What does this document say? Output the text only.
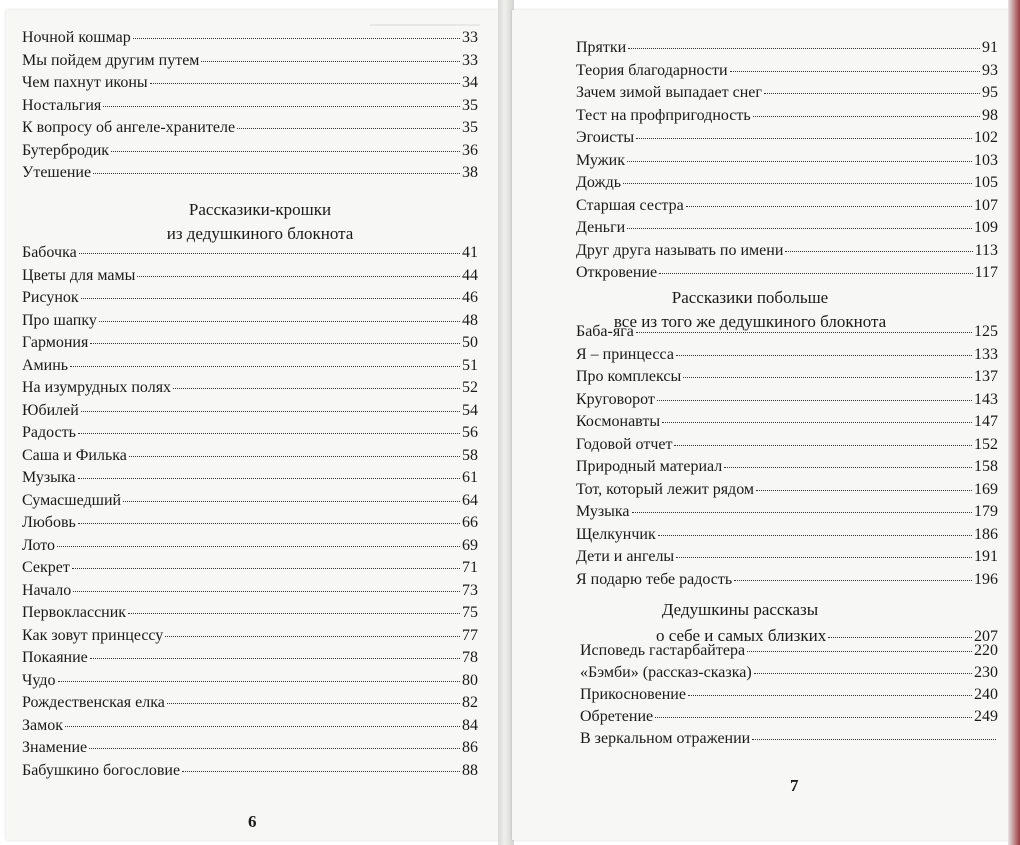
Ночной кошмар	33
Мы пойдем другим путем	33
Чем пахнут иконы	34
Ностальгия	35
К вопросу об ангеле-хранителе	35
Бутербродик	36
Утешение	38
Рассказики-крошки
из дедушкиного блокнота
Бабочка	41
Цветы для мамы	44
Рисунок	46
Про шапку	48
Гармония	50
Аминь	51
На изумрудных полях	52
Юбилей	54
Радость	56
Саша и Филька	58
Музыка	61
Сумасшедший	64
Любовь	66
Лото	69
Секрет	71
Начало	73
Первоклассник	75
Как зовут принцессу	77
Покаяние	78
Чудо	80
Рождественская елка	82
Замок	84
Знамение	86
Бабушкино богословие	88
6
Прятки	91
Теория благодарности	93
Зачем зимой выпадает снег	95
Тест на профпригодность	98
Эгоисты	102
Мужик	103
Дождь	105
Старшая сестра	107
Деньги	109
Друг друга называть по имени	113
Откровение	117
Рассказики побольше
все из того же дедушкиного блокнота
Баба-яга	125
Я – принцесса	133
Про комплексы	137
Круговорот	143
Космонавты	147
Годовой отчет	152
Природный материал	158
Тот, который лежит рядом	169
Музыка	179
Щелкунчик	186
Дети и ангелы	191
Я подарю тебе радость	196
Дедушкины рассказы
о себе и самых близких	207
Исповедь гастарбайтера	220
«Бэмби» (рассказ-сказка)	230
Прикосновение	240
Обретение	249
В зеркальном отражении
7
